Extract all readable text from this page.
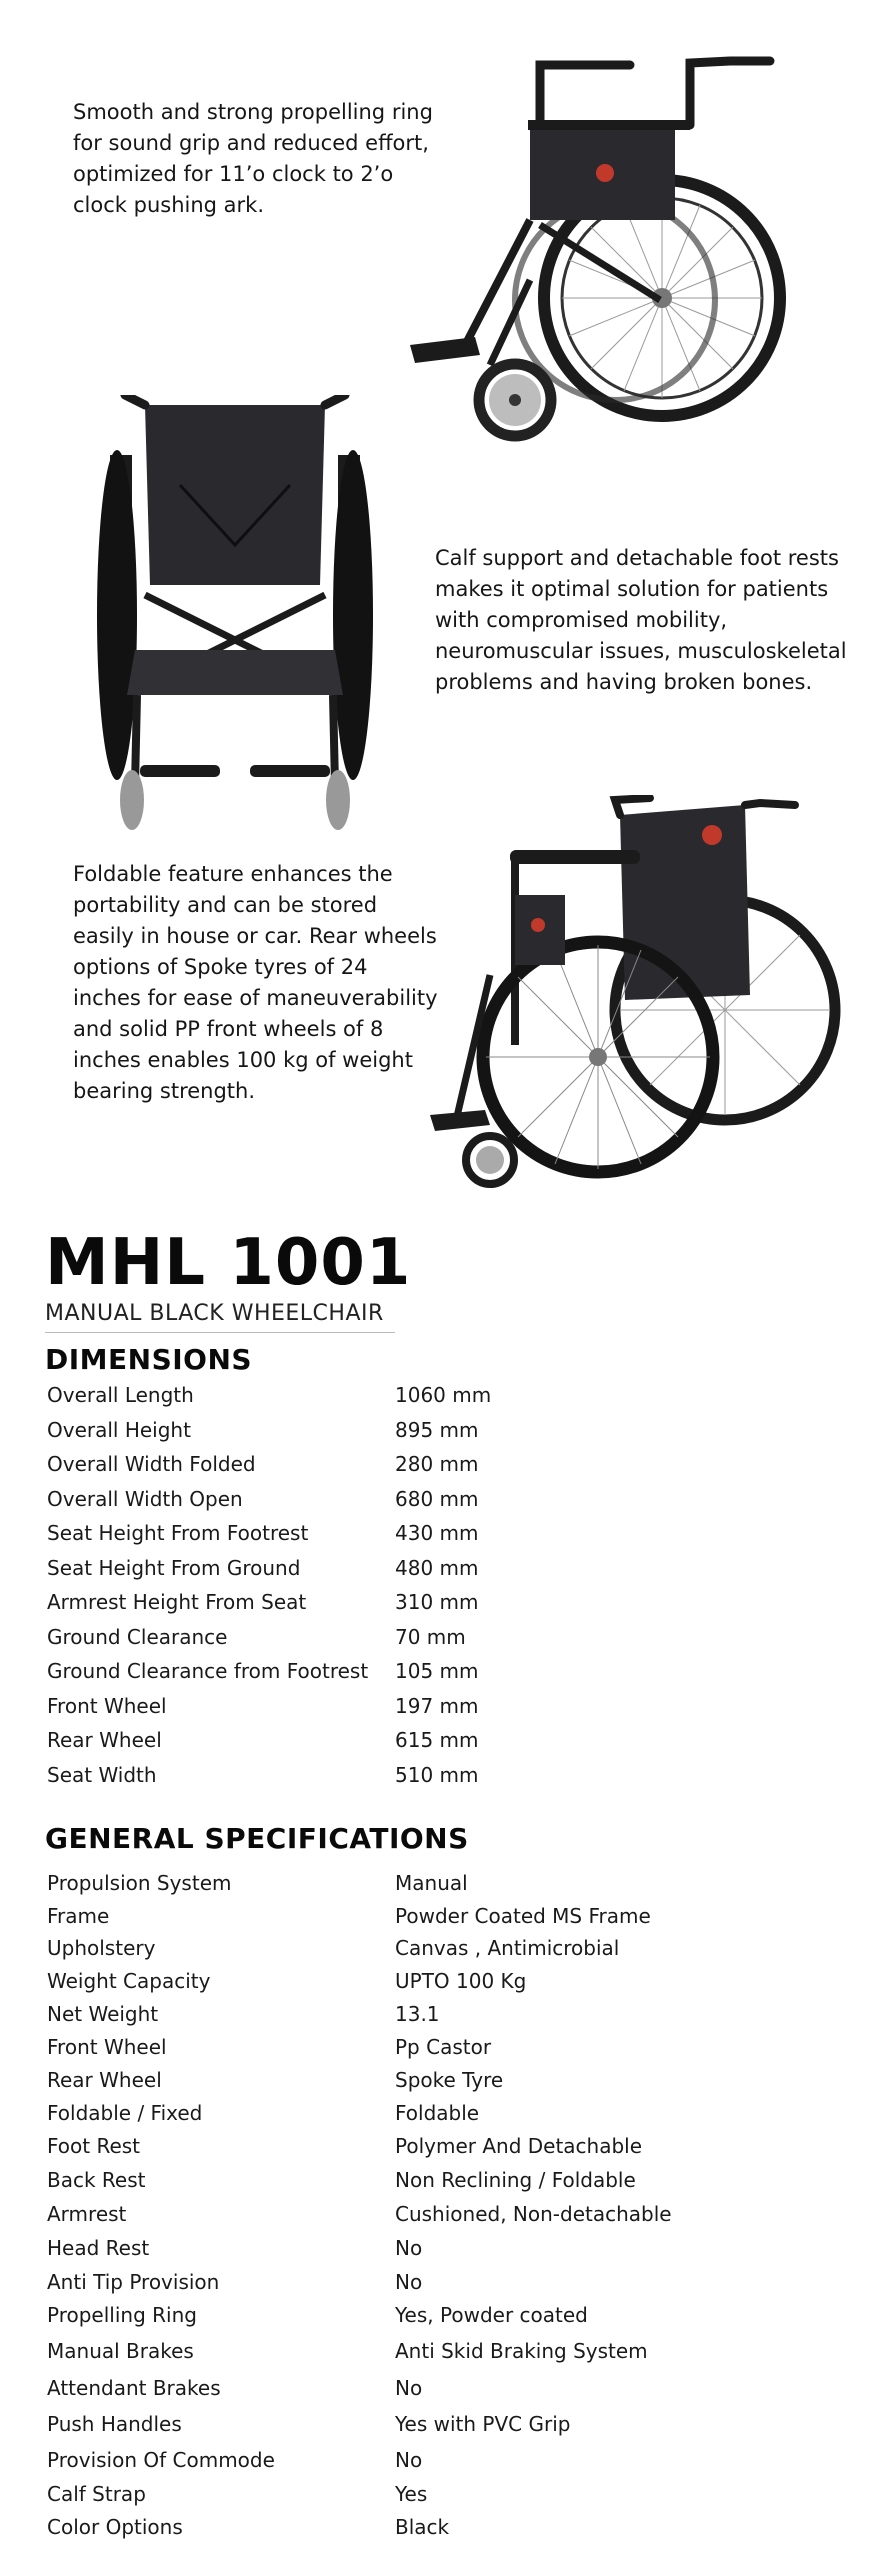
Smooth and strong propelling ring
for sound grip and reduced effort,
optimized for 11’o clock to 2’o
clock pushing ark.

Calf support and detachable foot rests
makes it optimal solution for patients
with compromised mobility,
neuromuscular issues, musculoskeletal
problems and having broken bones.

Foldable feature enhances the
portability and can be stored
easily in house or car. Rear wheels
options of Spoke tyres of 24
inches for ease of maneuverability
and solid PP front wheels of 8
inches enables 100 kg of weight
bearing strength.

MHL 1001

MANUAL BLACK WHEELCHAIR

DIMENSIONS
Overall Length	1060 mm
Overall Height	895 mm
Overall Width Folded	280 mm
Overall Width Open	680 mm
Seat Height From Footrest	430 mm
Seat Height From Ground	480 mm
Armrest Height From Seat	310 mm
Ground Clearance	70 mm
Ground Clearance from Footrest	105 mm
Front Wheel	197 mm
Rear Wheel	615 mm
Seat Width	510 mm
GENERAL SPECIFICATIONS
Propulsion System	Manual
Frame	Powder Coated MS Frame
Upholstery	Canvas , Antimicrobial
Weight Capacity	UPTO 100 Kg
Net Weight	13.1
Front Wheel	Pp Castor
Rear Wheel	Spoke Tyre
Foldable / Fixed	Foldable
Foot Rest	Polymer And Detachable
Back Rest	Non Reclining / Foldable
Armrest	Cushioned, Non-detachable
Head Rest	No
Anti Tip Provision	No
Propelling Ring	Yes, Powder coated
Manual Brakes	Anti Skid Braking System
Attendant Brakes	No
Push Handles	Yes with PVC Grip
Provision Of Commode	No
Calf Strap	Yes
Color Options	Black
